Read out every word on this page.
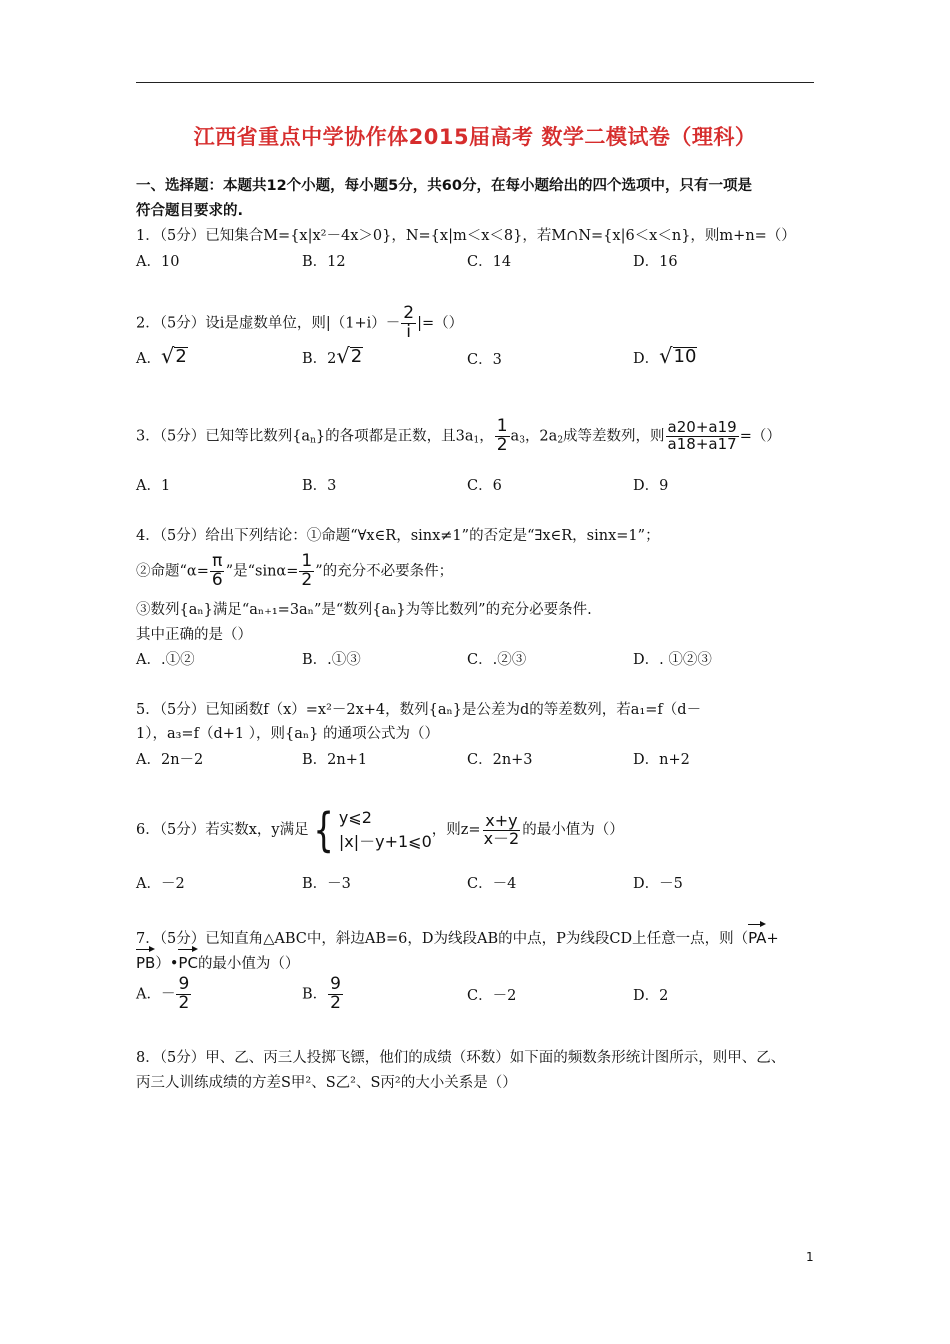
江西省重点中学协作体2015届高考 数学二模试卷（理科）
一、选择题：本题共12个小题，每小题5分，共60分，在每小题给出的四个选项中，只有一项是
符合题目要求的.
1．（5分）已知集合M={x|x²－4x＞0}，N={x|m＜x＜8}，若M∩N={x|6＜x＜n}，则m+n=（）
A．10	B．12	C．14	D．16
2．（5分）设i是虚数单位，则$|(1+i)- \frac{2}{i}$ |=（）
A． √ 2	B．2 √ 2	C．3	D． √ 10
3．（5分）已知等比数列$\{a_n\}$的各项都是正数，且$3a_1$， $\frac{1}{2} a_3$，$2a_2$成等差数列，则 $\frac{a20+a19}{a18+a17}$ =（）
A．1	B．3	C．6	D．9
4．（5分）给出下列结论：①命题“∀x∈R，sinx≠1”的否定是“∃x∈R，sinx=1”；
②命题“$\alpha= \frac{\pi}{6}$ ”是“$\sin\alpha= \frac{1}{2}$ ”的充分不必要条件；
③数列{aₙ}满足“aₙ₊₁=3aₙ”是“数列{aₙ}为等比数列”的充分必要条件.
其中正确的是（）
A．.①②	B．.①③	C．.②③	D．. ①②③
5．（5分）已知函数f（x）=x²－2x+4，数列{aₙ}是公差为d的等差数列，若a₁=f（d－
1），a₃=f（d+1 ），则{aₙ} 的通项公式为（）
A．2n－2	B．2n+1	C．2n+3	D．n+2
6．（5分）若实数x，y满足 { y⩽2
|x|－y+1⩽0
，则$z= \frac{x+y}{x-2}$ 的最小值为（）
A．－2	B．－3	C．－4	D．－5
7．（5分）已知直角△ABC中，斜边AB=6，D为线段AB的中点，P为线段CD上任意一点，则（PA+
PB）•PC的最小值为（）
A．－ $\frac{9}{2}$	B． $\frac{9}{2}$	C．－2	D．2
8．（5分）甲、乙、丙三人投掷飞镖，他们的成绩（环数）如下面的频数条形统计图所示，则甲、乙、
丙三人训练成绩的方差S甲²、S乙²、S丙²的大小关系是（）
1
